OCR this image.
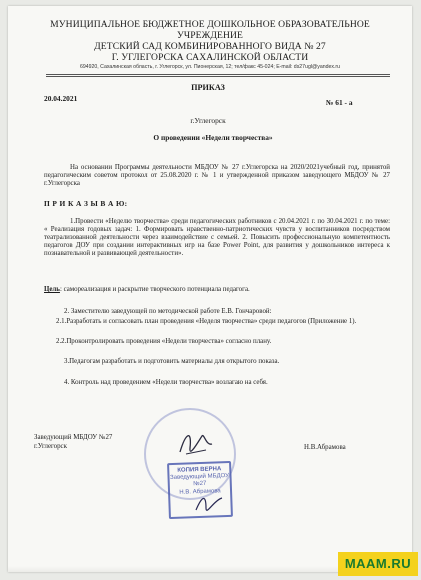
МУНИЦИПАЛЬНОЕ БЮДЖЕТНОЕ ДОШКОЛЬНОЕ ОБРАЗОВАТЕЛЬНОЕ УЧРЕЖДЕНИЕ
ДЕТСКИЙ САД КОМБИНИРОВАННОГО ВИДА № 27
Г. УГЛЕГОРСКА САХАЛИНСКОЙ ОБЛАСТИ
694920, Сахалинская область, г. Углегорск, ул. Пионерская, 12; тел/факс 45-024; E-mail: ds27ugl@yandex.ru
ПРИКАЗ
20.04.2021	№ 61 - а
г.Углегорск
О проведении «Недели творчества»
На основании Программы деятельности МБДОУ № 27 г.Углегорска на 2020/2021учебный год, принятой педагогическим советом протокол от 25.08.2020 г. № 1 и утвержденной приказом заведующего МБДОУ № 27 г.Углегорска
П Р И К А З Ы В А Ю:
1.Провести «Неделю творчества» среди педагогических работников с 20.04.2021 г. по 30.04.2021 г. по теме: « Реализация годовых задач: 1. Формировать нравственно-патриотических чувств у воспитанников посредством театрализованной деятельности через взаимодействие с семьей. 2. Повысить профессиональную компетентность педагогов ДОУ при создании интерактивных игр на базе Power Point, для развития у дошкольников интереса к познавательной и развивающей деятельности».
Цель: самореализация и раскрытие творческого потенциала педагога.
2. Заместителю заведующей по методической работе Е.В. Гончаровой:
2.1.Разработать и согласовать план проведения «Неделя творчества» среди педагогов (Приложение 1).
2.2.Проконтролировать проведения «Недели творчества» согласно плану.
3.Педагогам разработать и подготовить материалы для открытого показа.
4. Контроль над проведением «Недели творчества» возлагаю на себя.
Заведующий МБДОУ №27
г.Углегорск	Н.В.Абрамова
КОПИЯ ВЕРНА
Заведующий МБДОУ №27
Н.В. Абрамова
MAAM.RU
